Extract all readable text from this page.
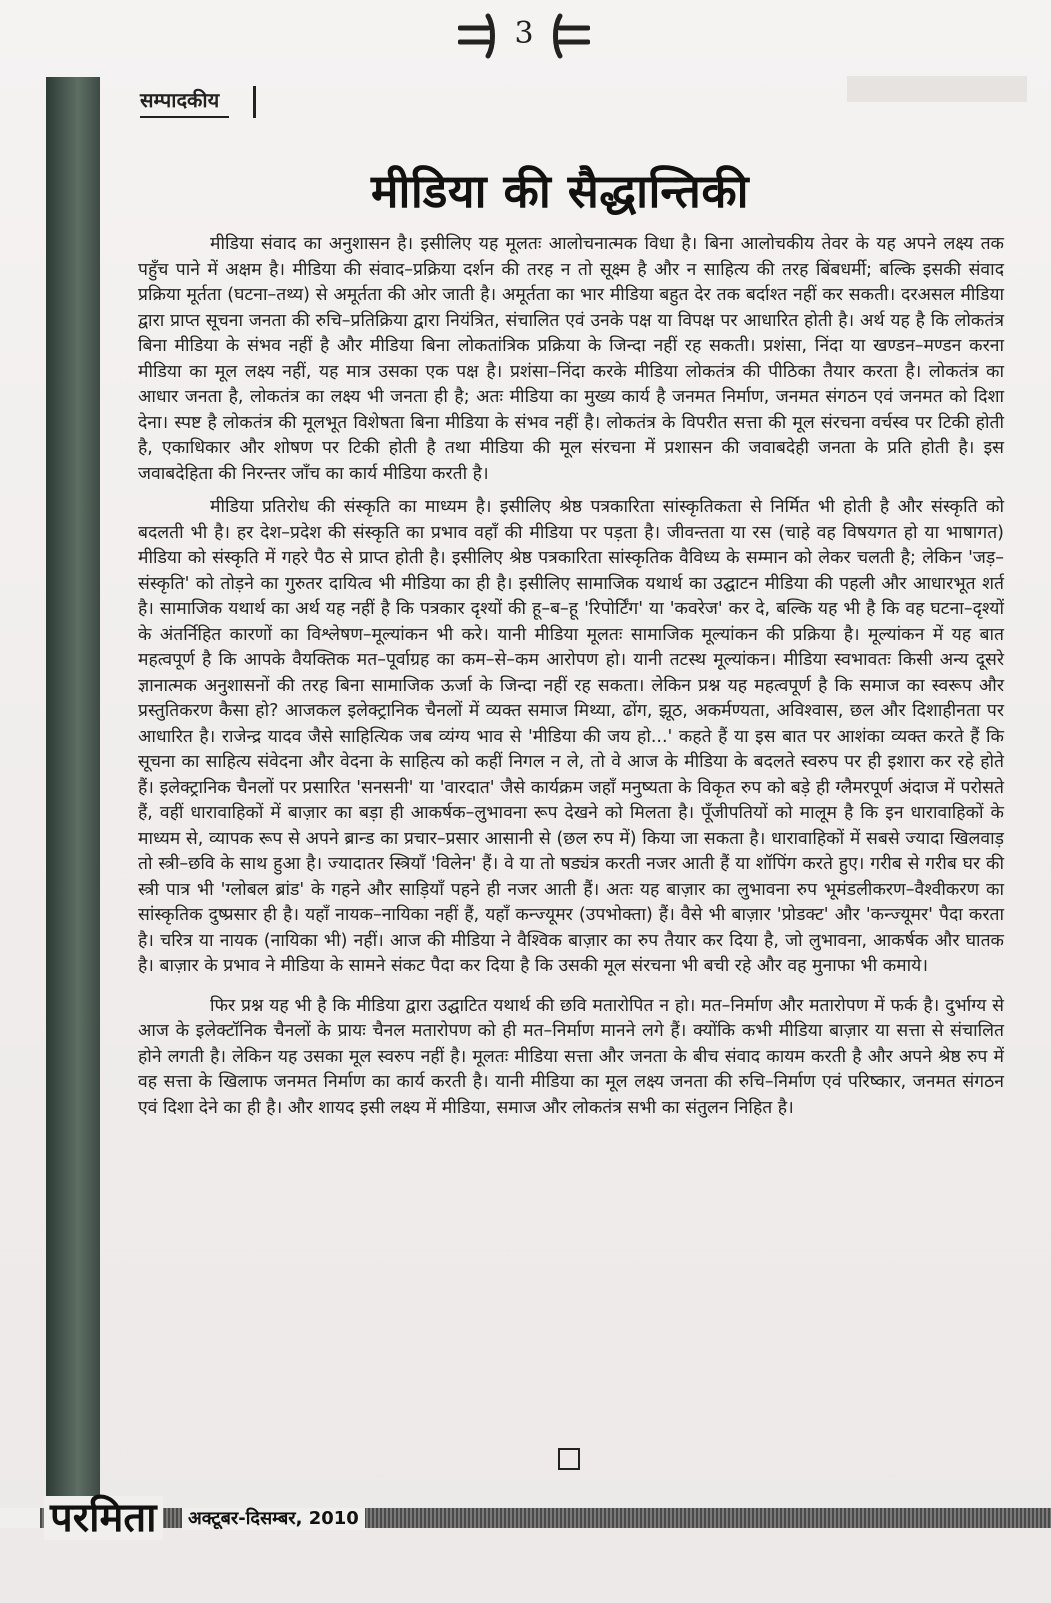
3
सम्पादकीय
मीडिया की सैद्धान्तिकी

मीडिया संवाद का अनुशासन है। इसीलिए यह मूलतः आलोचनात्मक विधा है। बिना आलोचकीय तेवर के यह अपने लक्ष्य तक पहुँच पाने में अक्षम है। मीडिया की संवाद–प्रक्रिया दर्शन की तरह न तो सूक्ष्म है और न साहित्य की तरह बिंबधर्मी; बल्कि इसकी संवाद प्रक्रिया मूर्तता (घटना–तथ्य) से अमूर्तता की ओर जाती है। अमूर्तता का भार मीडिया बहुत देर तक बर्दाश्त नहीं कर सकती। दरअसल मीडिया द्वारा प्राप्त सूचना जनता की रुचि–प्रतिक्रिया द्वारा नियंत्रित, संचालित एवं उनके पक्ष या विपक्ष पर आधारित होती है। अर्थ यह है कि लोकतंत्र बिना मीडिया के संभव नहीं है और मीडिया बिना लोकतांत्रिक प्रक्रिया के जिन्दा नहीं रह सकती। प्रशंसा, निंदा या खण्डन–मण्डन करना मीडिया का मूल लक्ष्य नहीं, यह मात्र उसका एक पक्ष है। प्रशंसा–निंदा करके मीडिया लोकतंत्र की पीठिका तैयार करता है। लोकतंत्र का आधार जनता है, लोकतंत्र का लक्ष्य भी जनता ही है; अतः मीडिया का मुख्य कार्य है जनमत निर्माण, जनमत संगठन एवं जनमत को दिशा देना। स्पष्ट है लोकतंत्र की मूलभूत विशेषता बिना मीडिया के संभव नहीं है। लोकतंत्र के विपरीत सत्ता की मूल संरचना वर्चस्व पर टिकी होती है, एकाधिकार और शोषण पर टिकी होती है तथा मीडिया की मूल संरचना में प्रशासन की जवाबदेही जनता के प्रति होती है। इस जवाबदेहिता की निरन्तर जाँच का कार्य मीडिया करती है।

मीडिया प्रतिरोध की संस्कृति का माध्यम है। इसीलिए श्रेष्ठ पत्रकारिता सांस्कृतिकता से निर्मित भी होती है और संस्कृति को बदलती भी है। हर देश–प्रदेश की संस्कृति का प्रभाव वहाँ की मीडिया पर पड़ता है। जीवन्तता या रस (चाहे वह विषयगत हो या भाषागत) मीडिया को संस्कृति में गहरे पैठ से प्राप्त होती है। इसीलिए श्रेष्ठ पत्रकारिता सांस्कृतिक वैविध्य के सम्मान को लेकर चलती है; लेकिन 'जड़–संस्कृति' को तोड़ने का गुरुतर दायित्व भी मीडिया का ही है। इसीलिए सामाजिक यथार्थ का उद्घाटन मीडिया की पहली और आधारभूत शर्त है। सामाजिक यथार्थ का अर्थ यह नहीं है कि पत्रकार दृश्यों की हू–ब–हू 'रिपोर्टिंग' या 'कवरेज' कर दे, बल्कि यह भी है कि वह घटना–दृश्यों के अंतर्निहित कारणों का विश्लेषण–मूल्यांकन भी करे। यानी मीडिया मूलतः सामाजिक मूल्यांकन की प्रक्रिया है। मूल्यांकन में यह बात महत्वपूर्ण है कि आपके वैयक्तिक मत–पूर्वाग्रह का कम–से–कम आरोपण हो। यानी तटस्थ मूल्यांकन। मीडिया स्वभावतः किसी अन्य दूसरे ज्ञानात्मक अनुशासनों की तरह बिना सामाजिक ऊर्जा के जिन्दा नहीं रह सकता। लेकिन प्रश्न यह महत्वपूर्ण है कि समाज का स्वरूप और प्रस्तुतिकरण कैसा हो? आजकल इलेक्ट्रानिक चैनलों में व्यक्त समाज मिथ्या, ढोंग, झूठ, अकर्मण्यता, अविश्वास, छल और दिशाहीनता पर आधारित है। राजेन्द्र यादव जैसे साहित्यिक जब व्यंग्य भाव से 'मीडिया की जय हो...' कहते हैं या इस बात पर आशंका व्यक्त करते हैं कि सूचना का साहित्य संवेदना और वेदना के साहित्य को कहीं निगल न ले, तो वे आज के मीडिया के बदलते स्वरुप पर ही इशारा कर रहे होते हैं। इलेक्ट्रानिक चैनलों पर प्रसारित 'सनसनी' या 'वारदात' जैसे कार्यक्रम जहाँ मनुष्यता के विकृत रुप को बड़े ही ग्लैमरपूर्ण अंदाज में परोसते हैं, वहीं धारावाहिकों में बाज़ार का बड़ा ही आकर्षक–लुभावना रूप देखने को मिलता है। पूँजीपतियों को मालूम है कि इन धारावाहिकों के माध्यम से, व्यापक रूप से अपने ब्रान्ड का प्रचार–प्रसार आसानी से (छल रुप में) किया जा सकता है। धारावाहिकों में सबसे ज्यादा खिलवाड़ तो स्त्री–छवि के साथ हुआ है। ज्यादातर स्त्रियाँ 'विलेन' हैं। वे या तो षड्यंत्र करती नजर आती हैं या शॉपिंग करते हुए। गरीब से गरीब घर की स्त्री पात्र भी 'ग्लोबल ब्रांड' के गहने और साड़ियाँ पहने ही नजर आती हैं। अतः यह बाज़ार का लुभावना रुप भूमंडलीकरण–वैश्वीकरण का सांस्कृतिक दुष्प्रसार ही है। यहाँ नायक–नायिका नहीं हैं, यहाँ कन्ज्यूमर (उपभोक्ता) हैं। वैसे भी बाज़ार 'प्रोडक्ट' और 'कन्ज्यूमर' पैदा करता है। चरित्र या नायक (नायिका भी) नहीं। आज की मीडिया ने वैश्विक बाज़ार का रुप तैयार कर दिया है, जो लुभावना, आकर्षक और घातक है। बाज़ार के प्रभाव ने मीडिया के सामने संकट पैदा कर दिया है कि उसकी मूल संरचना भी बची रहे और वह मुनाफा भी कमाये।

फिर प्रश्न यह भी है कि मीडिया द्वारा उद्घाटित यथार्थ की छवि मतारोपित न हो। मत–निर्माण और मतारोपण में फर्क है। दुर्भाग्य से आज के इलेक्टॉनिक चैनलों के प्रायः चैनल मतारोपण को ही मत–निर्माण मानने लगे हैं। क्योंकि कभी मीडिया बाज़ार या सत्ता से संचालित होने लगती है। लेकिन यह उसका मूल स्वरुप नहीं है। मूलतः मीडिया सत्ता और जनता के बीच संवाद कायम करती है और अपने श्रेष्ठ रुप में वह सत्ता के खिलाफ जनमत निर्माण का कार्य करती है। यानी मीडिया का मूल लक्ष्य जनता की रुचि–निर्माण एवं परिष्कार, जनमत संगठन एवं दिशा देने का ही है। और शायद इसी लक्ष्य में मीडिया, समाज और लोकतंत्र सभी का संतुलन निहित है।

परमिता	अक्टूबर-दिसम्बर, 2010
